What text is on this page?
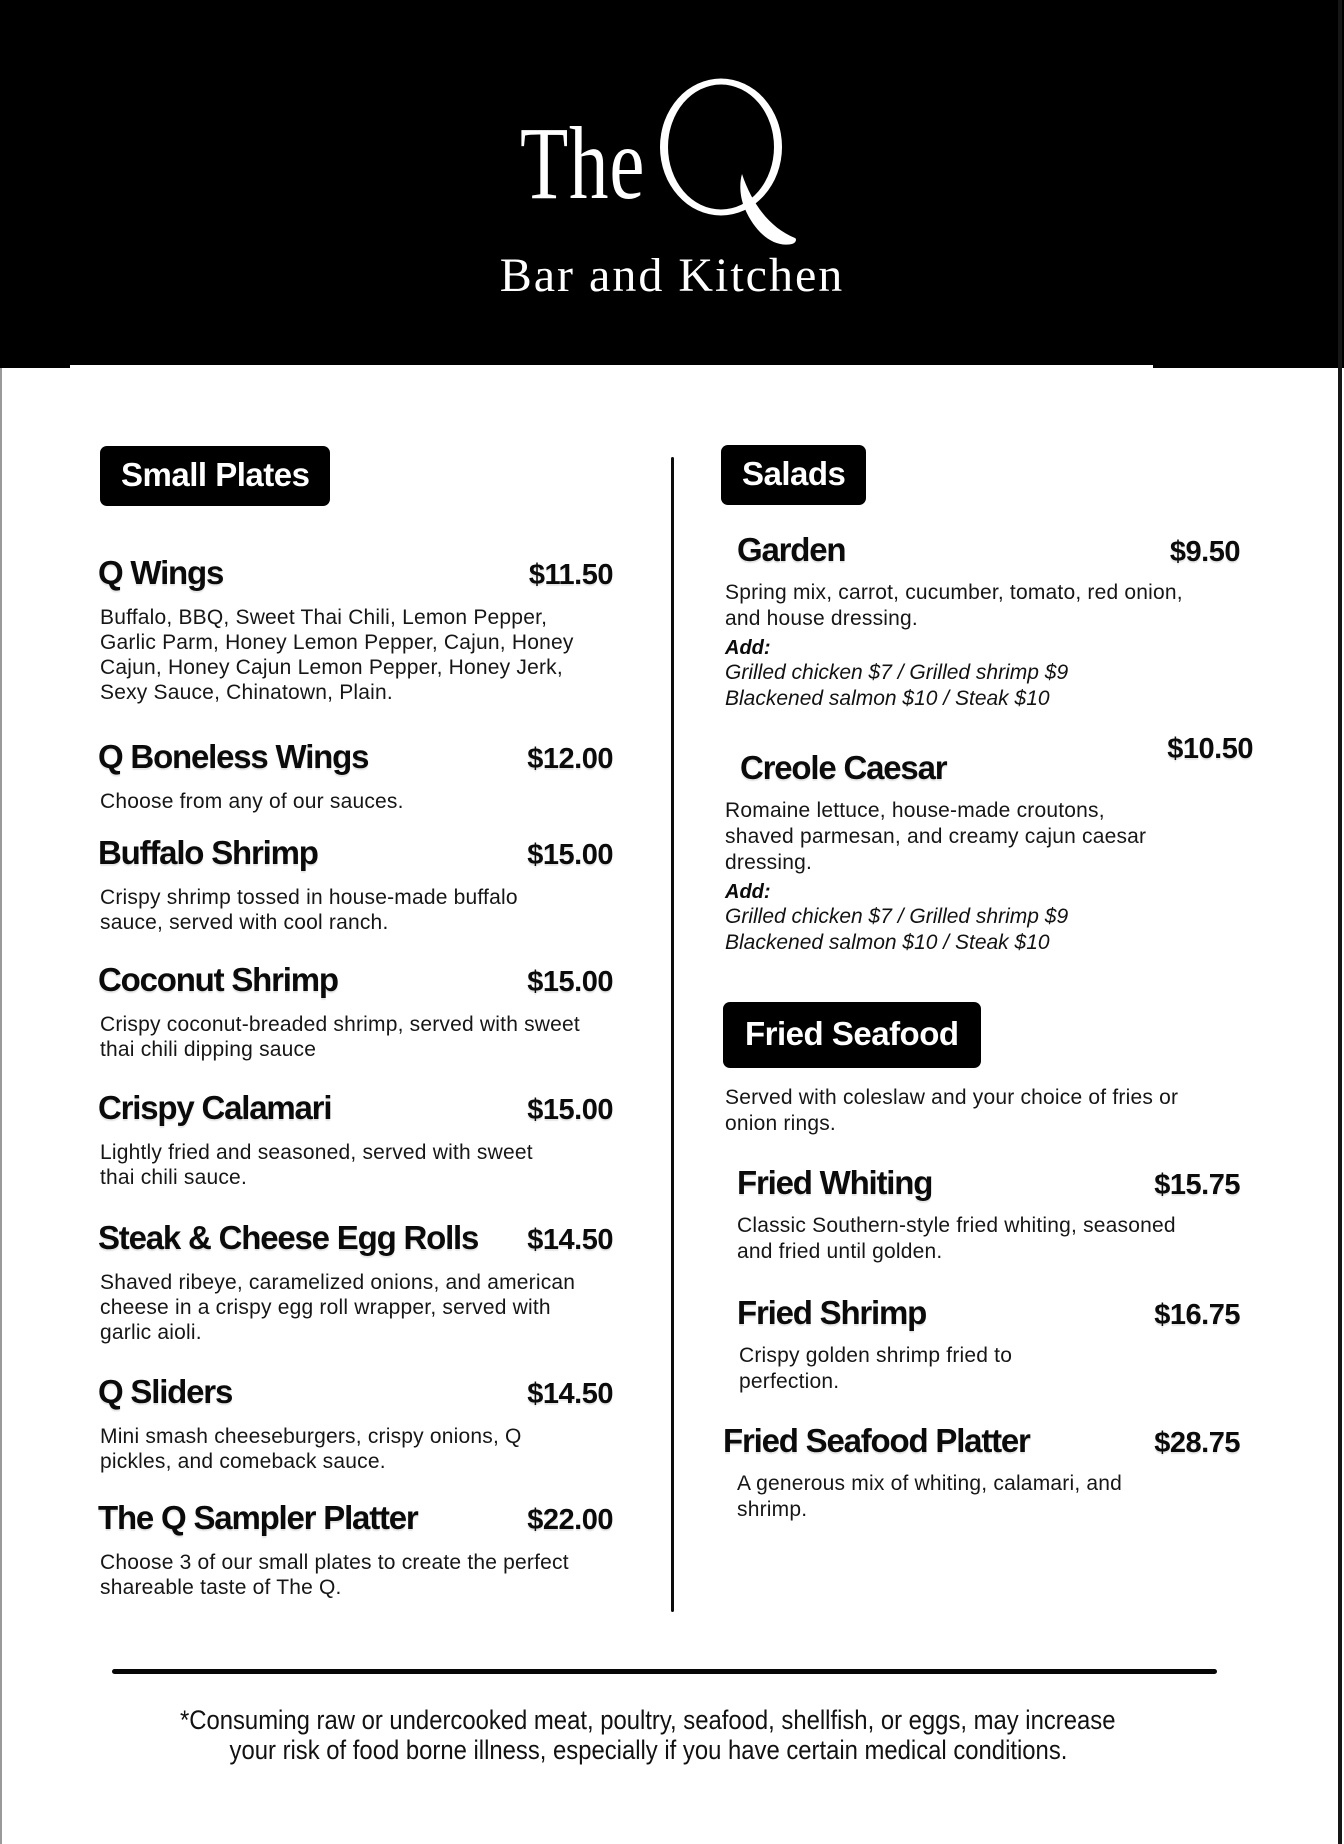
The
Bar and Kitchen
Small Plates
Q Wings	$11.50

Buffalo, BBQ, Sweet Thai Chili, Lemon Pepper, Garlic Parm, Honey Lemon Pepper, Cajun, Honey Cajun, Honey Cajun Lemon Pepper, Honey Jerk, Sexy Sauce, Chinatown, Plain.

Q Boneless Wings	$12.00

Choose from any of our sauces.

Buffalo Shrimp	$15.00

Crispy shrimp tossed in house-made buffalo sauce, served with cool ranch.

Coconut Shrimp	$15.00

Crispy coconut-breaded shrimp, served with sweet thai chili dipping sauce

Crispy Calamari	$15.00

Lightly fried and seasoned, served with sweet thai chili sauce.

Steak & Cheese Egg Rolls $14.50

Shaved ribeye, caramelized onions, and american cheese in a crispy egg roll wrapper, served with garlic aioli.

Q Sliders	$14.50

Mini smash cheeseburgers, crispy onions, Q pickles, and comeback sauce.

The Q Sampler Platter	$22.00

Choose 3 of our small plates to create the perfect shareable taste of The Q.

Salads
Garden	$9.50

Spring mix, carrot, cucumber, tomato, red onion, and house dressing.

Add:

Grilled chicken $7 / Grilled shrimp $9

Blackened salmon $10 / Steak $10

Creole Caesar	$10.50

Romaine lettuce, house-made croutons, shaved parmesan, and creamy cajun caesar dressing.

Add:

Grilled chicken $7 / Grilled shrimp $9

Blackened salmon $10 / Steak $10

Fried Seafood

Served with coleslaw and your choice of fries or onion rings.

Fried Whiting	$15.75

Classic Southern-style fried whiting, seasoned and fried until golden.

Fried Shrimp	$16.75

Crispy golden shrimp fried to perfection.

Fried Seafood Platter	$28.75

A generous mix of whiting, calamari, and shrimp.

*Consuming raw or undercooked meat, poultry, seafood, shellfish, or eggs, may increase
your risk of food borne illness, especially if you have certain medical conditions.
